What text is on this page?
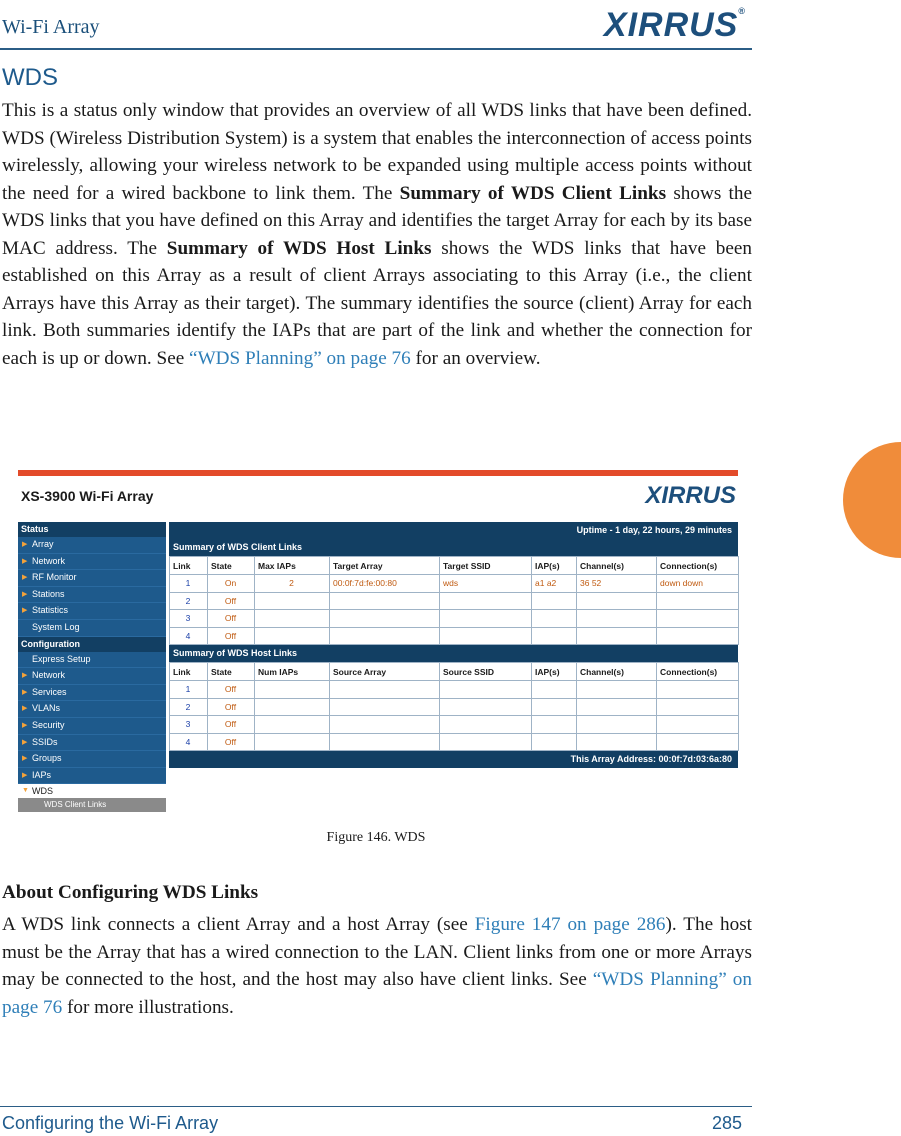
Wi-Fi Array	XIRRUS®
WDS
This is a status only window that provides an overview of all WDS links that have been defined. WDS (Wireless Distribution System) is a system that enables the interconnection of access points wirelessly, allowing your wireless network to be expanded using multiple access points without the need for a wired backbone to link them. The Summary of WDS Client Links shows the WDS links that you have defined on this Array and identifies the target Array for each by its base MAC address. The Summary of WDS Host Links shows the WDS links that have been established on this Array as a result of client Arrays associating to this Array (i.e., the client Arrays have this Array as their target). The summary identifies the source (client) Array for each link. Both summaries identify the IAPs that are part of the link and whether the connection for each is up or down. See “WDS Planning” on page 76 for an overview.
XS-3900 Wi-Fi Array	XIRRUS
Status
▶ Array
▶ Network
▶ RF Monitor
▶ Stations
▶ Statistics
System Log
Configuration
Express Setup
▶ Network
▶ Services
▶ VLANs
▶ Security
▶ SSIDs
▶ Groups
▶ IAPs
▼ WDS
WDS Client Links
Uptime - 1 day, 22 hours, 29 minutes
Summary of WDS Client Links
Link	State	Max IAPs	Target Array	Target SSID	IAP(s)	Channel(s)	Connection(s)
1	On	2	00:0f:7d:fe:00:80	wds	a1 a2	36 52	down down
2	Off						
3	Off						
4	Off						
Summary of WDS Host Links
Link	State	Num IAPs	Source Array	Source SSID	IAP(s)	Channel(s)	Connection(s)
1	Off						
2	Off						
3	Off						
4	Off						
This Array Address: 00:0f:7d:03:6a:80
Figure 146. WDS
About Configuring WDS Links
A WDS link connects a client Array and a host Array (see Figure 147 on page 286). The host must be the Array that has a wired connection to the LAN. Client links from one or more Arrays may be connected to the host, and the host may also have client links. See “WDS Planning” on page 76 for more illustrations.
Configuring the Wi-Fi Array	285
